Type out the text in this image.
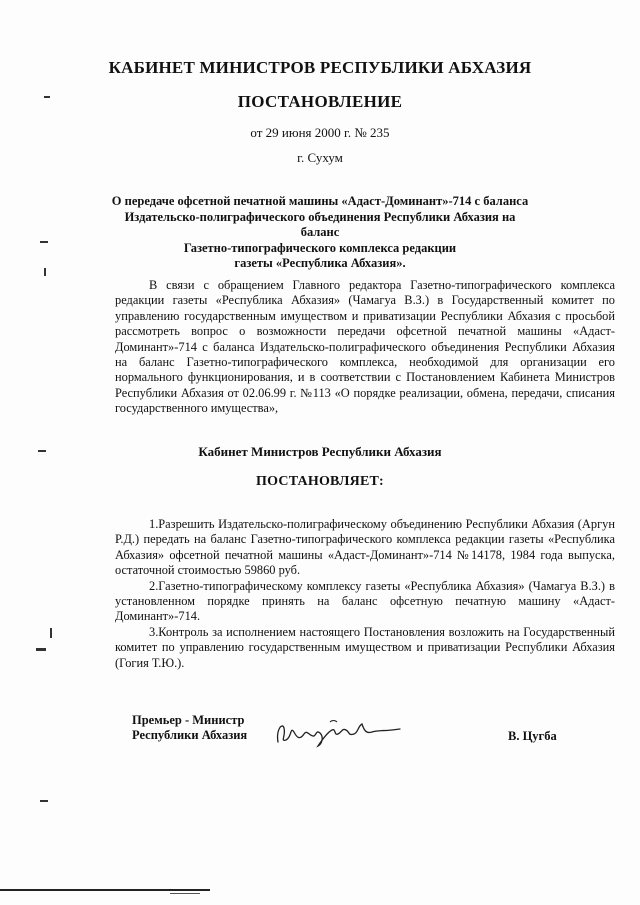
КАБИНЕТ МИНИСТРОВ РЕСПУБЛИКИ АБХАЗИЯ
ПОСТАНОВЛЕНИЕ
от 29 июня 2000 г. № 235
г. Сухум
О передаче офсетной печатной машины «Адаст-Доминант»-714 с баланса
Издательско-полиграфического объединения Республики Абхазия на баланс
Газетно-типографического комплекса редакции
газеты «Республика Абхазия».
В связи с обращением Главного редактора Газетно-типографического комплекса редакции газеты «Республика Абхазия» (Чамагуа В.З.) в Государственный комитет по управлению государственным имуществом и приватизации Республики Абхазия с просьбой рассмотреть вопрос о возможности передачи офсетной печатной машины «Адаст-Доминант»-714 с баланса Издательско-полиграфического объединения Республики Абхазия на баланс Газетно-типографического комплекса, необходимой для организации его нормального функционирования, и в соответствии с Постановлением Кабинета Министров Республики Абхазия от 02.06.99 г. №113 «О порядке реализации, обмена, передачи, списания государственного имущества»,
Кабинет Министров Республики Абхазия
ПОСТАНОВЛЯЕТ:
1.Разрешить Издательско-полиграфическому объединению Республики Абхазия (Аргун Р.Д.) передать на баланс Газетно-типографического комплекса редакции газеты «Республика Абхазия» офсетной печатной машины «Адаст-Доминант»-714 №14178, 1984 года выпуска, остаточной стоимостью 59860 руб.
2.Газетно-типографическому комплексу газеты «Республика Абхазия» (Чамагуа В.З.) в установленном порядке принять на баланс офсетную печатную машину «Адаст-Доминант»-714.
3.Контроль за исполнением настоящего Постановления возложить на Государственный комитет по управлению государственным имуществом и приватизации Республики Абхазия (Гогия Т.Ю.).
Премьер - Министр
Республики Абхазия	В. Цугба
